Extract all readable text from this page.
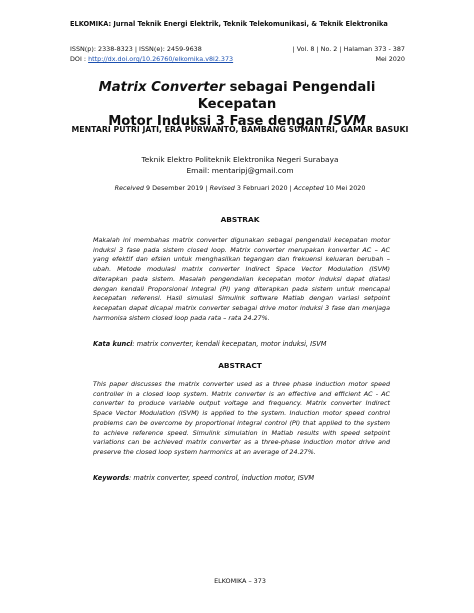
ELKOMIKA: Jurnal Teknik Energi Elektrik, Teknik Telekomunikasi, & Teknik Elektronika
ISSN(p): 2338-8323 | ISSN(e): 2459-9638
DOI : http://dx.doi.org/10.26760/elkomika.v8i2.373
| Vol. 8 | No. 2 | Halaman 373 - 387
Mei 2020
Matrix Converter sebagai Pengendali Kecepatan
Motor Induksi 3 Fase dengan ISVM
MENTARI PUTRI JATI, ERA PURWANTO, BAMBANG SUMANTRI, GAMAR BASUKI
Teknik Elektro Politeknik Elektronika Negeri Surabaya
Email: mentaripj@gmail.com
Received 9 Desember 2019 | Revised 3 Februari 2020 | Accepted 10 Mei 2020
ABSTRAK
Makalah ini membahas matrix converter digunakan sebagai pengendali kecepatan motor induksi 3 fase pada sistem closed loop. Matrix converter merupakan konverter AC – AC yang efektif dan efsien untuk menghasilkan tegangan dan frekuensi keluaran berubah – ubah. Metode modulasi matrix converter Indirect Space Vector Modulation (ISVM) diterapkan pada sistem. Masalah pengendalian kecepatan motor induksi dapat diatasi dengan kendali Proporsional Integral (PI) yang diterapkan pada sistem untuk mencapai kecepatan referensi. Hasil simulasi Simulink software Matlab dengan variasi setpoint kecepatan dapat dicapai matrix converter sebagai drive motor induksi 3 fase dan menjaga harmonisa sistem closed loop pada rata – rata 24.27%.
Kata kunci: matrix converter, kendali kecepatan, motor induksi, ISVM
ABSTRACT
This paper discusses the matrix converter used as a three phase induction motor speed controller in a closed loop system. Matrix converter is an effective and efficient AC - AC converter to produce variable output voltage and frequency. Matrix converter Indirect Space Vector Modulation (ISVM) is applied to the system. Induction motor speed control problems can be overcome by proportional integral control (PI) that applied to the system to achieve reference speed. Simulink simulation in Matlab results with speed setpoint variations can be achieved matrix converter as a three-phase induction motor drive and preserve the closed loop system harmonics at an average of 24.27%.
Keywords: matrix converter, speed control, induction motor, ISVM
ELKOMIKA – 373
